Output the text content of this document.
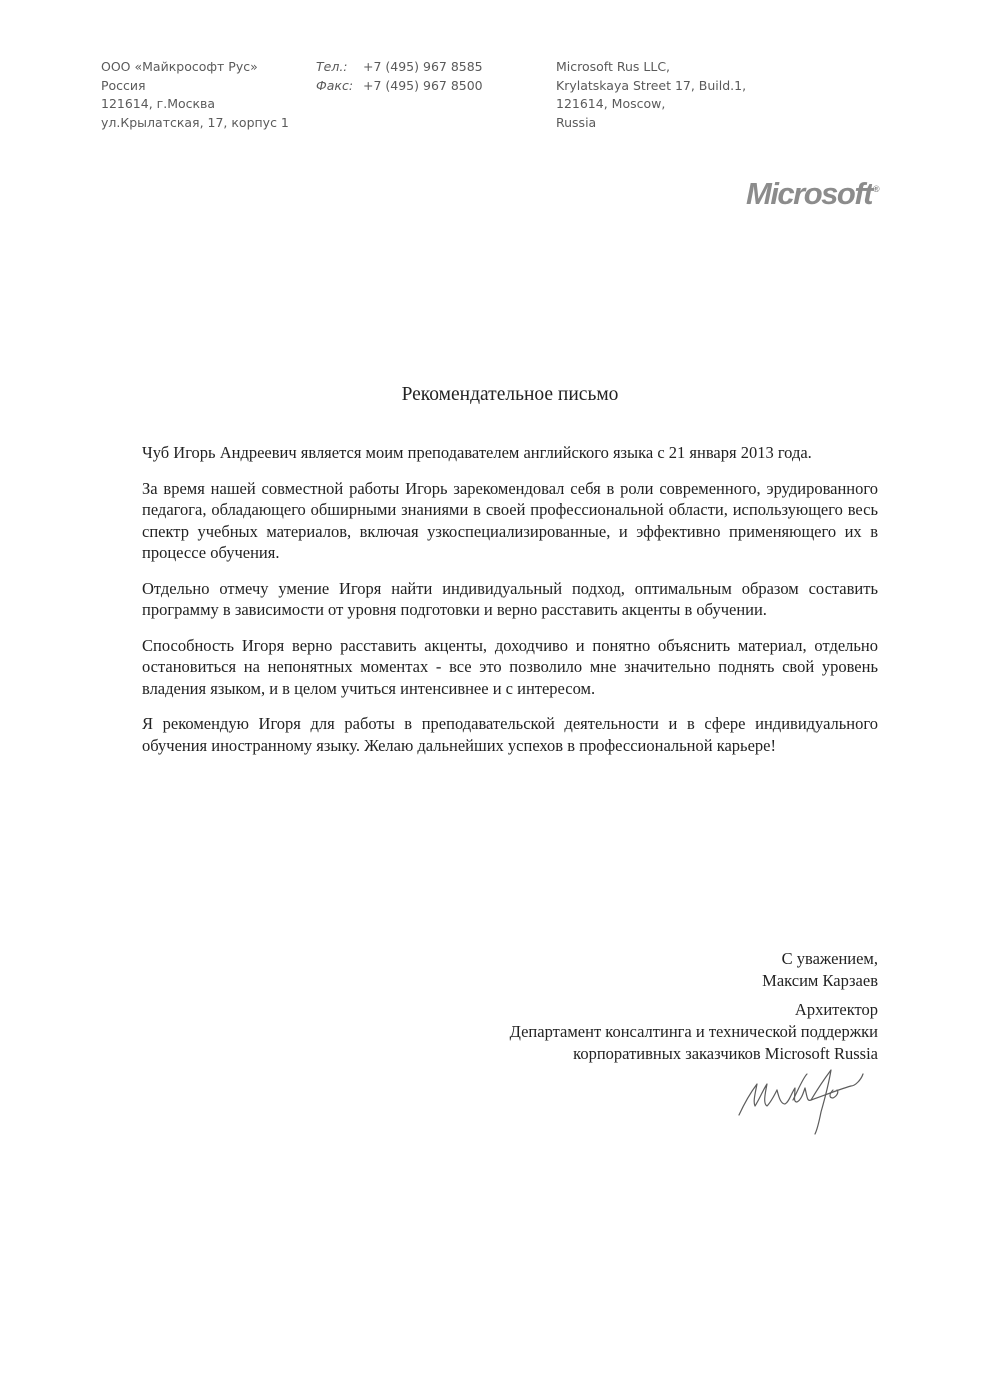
ООО «Майкрософт Рус»
Россия
121614, г.Москва
ул.Крылатская, 17, корпус 1
Тел.: +7 (495) 967 8585
Факс: +7 (495) 967 8500
Microsoft Rus LLC,
Krylatskaya Street 17, Build.1,
121614, Moscow,
Russia
Microsoft®
Рекомендательное письмо

Чуб Игорь Андреевич является моим преподавателем английского языка с 21 января 2013 года.

За время нашей совместной работы Игорь зарекомендовал себя в роли современного, эрудированного педагога, обладающего обширными знаниями в своей профессиональной области, использующего весь спектр учебных материалов, включая узкоспециализированные, и эффективно применяющего их в процессе обучения.

Отдельно отмечу умение Игоря найти индивидуальный подход, оптимальным образом составить программу в зависимости от уровня подготовки и верно расставить акценты в обучении.

Способность Игоря верно расставить акценты, доходчиво и понятно объяснить материал, отдельно остановиться на непонятных моментах - все это позволило мне значительно поднять свой уровень владения языком, и в целом учиться интенсивнее и с интересом.

Я рекомендую Игоря для работы в преподавательской деятельности и в сфере индивидуального обучения иностранному языку. Желаю дальнейших успехов в профессиональной карьере!

С уважением,
Максим Карзаев
Архитектор
Департамент консалтинга и технической поддержки
корпоративных заказчиков Microsoft Russia
